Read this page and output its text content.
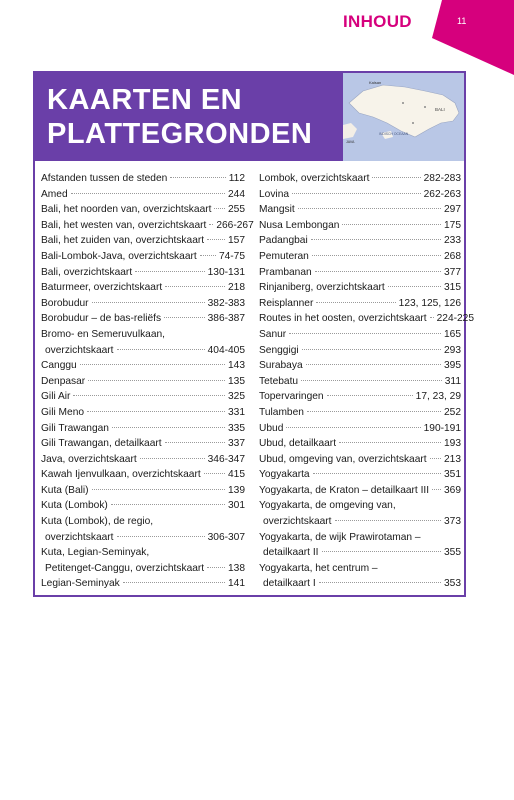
INHOUD	11
KAARTEN EN
PLATTEGRONDEN
Kalsan
BALI
JAVA
INDISCH OCEAAN
Afstanden tussen de steden	112
Amed	244
Bali, het noorden van, overzichtskaart 255
Bali, het westen van, overzichtskaart 266-267
Bali, het zuiden van, overzichtskaart 157
Bali-Lombok-Java, overzichtskaart 74-75
Bali, overzichtskaart	130-131
Baturmeer, overzichtskaart	218
Borobudur	382-383
Borobudur – de bas-reliëfs	386-387
Bromo- en Semeruvulkaan,
overzichtskaart	404-405
Canggu	143
Denpasar	135
Gili Air	325
Gili Meno	331
Gili Trawangan	335
Gili Trawangan, detailkaart	337
Java, overzichtskaart	346-347
Kawah Ijenvulkaan, overzichtskaart	415
Kuta (Bali)	139
Kuta (Lombok)	301
Kuta (Lombok), de regio,
overzichtskaart	306-307
Kuta, Legian-Seminyak,
Petitenget-Canggu, overzichtskaart 138
Legian-Seminyak	141
Lombok, overzichtskaart	282-283
Lovina	262-263
Mangsit	297
Nusa Lembongan	175
Padangbai	233
Pemuteran	268
Prambanan	377
Rinjaniberg, overzichtskaart	315
Reisplanner	123, 125, 126
Routes in het oosten, overzichtskaart 224-225
Sanur	165
Senggigi	293
Surabaya	395
Tetebatu	311
Topervaringen	17, 23, 29
Tulamben	252
Ubud	190-191
Ubud, detailkaart	193
Ubud, omgeving van, overzichtskaart 213
Yogyakarta	351
Yogyakarta, de Kraton – detailkaart III 369
Yogyakarta, de omgeving van,
overzichtskaart	373
Yogyakarta, de wijk Prawirotaman –
detailkaart II	355
Yogyakarta, het centrum –
detailkaart I	353
